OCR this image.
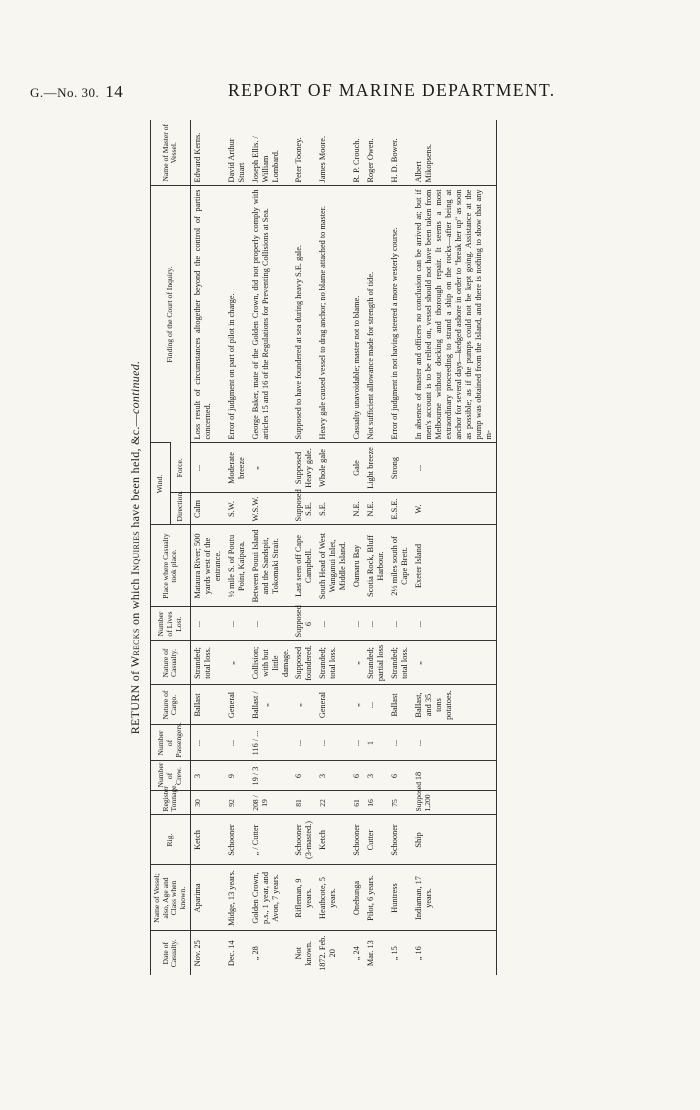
G.—No. 30. 14	REPORT OF MARINE DEPARTMENT.
RETURN of Wrecks on which Inquiries have been held, &c.—continued.
Date of Casualty.	Name of Vessel; also, Age and Class when known.	Rig.	Register Tonnage.	Number of Crew.	Number of Passengers.	Nature of Cargo.	Nature of Casualty.	Number of Lives Lost.	Place where Casualty took place.	Wind.		Finding of the Court of Inquiry.	Name of Master of Vessel.
										Direction.	Force.		
Nov. 25	Aparima	Ketch	30	3	...	Ballast	Stranded; total loss.	...	Mataura River; 500 yards west of the entrance.	Calm	...	Loss result of circumstances altogether beyond the control of parties concerned.	Edward Kerns.
Dec. 14	Midge, 13 years.	Schooner	92	9	...	General	„	...	½ mile S. of Poutu Point, Kaipara.	S.W.	Moderate breeze	Error of judgment on part of pilot in charge.	David Arthur Stuart
„ 28	Golden Crown, p.s., 1 year, and Avon, 7 years.	„ / Cutter	208 / 19	19 / 3	116 / ...	Ballast / „	Collision; with but little damage.	...	Between Pouui Island and the Sandspit, Tokomaki Strait.	W.S.W.	„	George Baker, mate of the Golden Crown, did not properly comply with articles 15 and 16 of the Regulations for Preventing Collisions at Sea.	Joseph Ellis. / William Lombard.
Not known.	Rifleman, 9 years.	Schooner (3-masted.)	81	6	...	„	Supposed foundered.	Supposed 6	Last seen off Cape Campbell.	Supposed S.E.	Supposed Heavy gale.	Supposed to have foundered at sea during heavy S.E. gale.	Peter Tooney.
1872. Feb. 20	Heathcote, 5 years.	Ketch	22	3	...	General	Stranded; total loss.	...	South Head of West Wanganui Inlet, Middle Island.	S.E.	Whole gale	Heavy gale caused vessel to drag anchor; no blame attached to master.	James Moore.
„ 24	Onehunga	Schooner	61	6	...	„	„	...	Oamaru Bay	N.E.	Gale	Casualty unavoidable; master not to blame.	R. P. Crouch.
Mar. 13	Pilot, 6 years.	Cutter	16	3	1	...	Stranded; partial loss	...	Scotia Rock, Bluff Harbour.	N.E.	Light breeze	Not sufficient allowance made for strength of tide.	Roger Owen.
„ 15	Huntress	Schooner	75	6	...	Ballast	Stranded; total loss.	...	2½ miles south of Cape Brett.	E.S.E.	Strong	Error of judgment in not having steered a more westerly course.	H. D. Bower.
„ 16	Indiaman, 17 years.	Ship	Supposed 1,200	18	...	Ballast, and 35 tons potatoes.	„	...	Exeter Island	W.	...	In absence of master and officers no conclusion can be arrived at; but if men's account is to be relied on, vessel should not have been taken from Melbourne without docking and thorough repair. It seems a most extraordinary proceeding to strand a ship on the rocks—after being at anchor for several days—kedged ashore in order to "break her up" as soon as possible; as if the pumps could not be kept going. Assistance at the pump was obtained from the Island, and there is nothing to show that any m-	Albert Mikopsens.
